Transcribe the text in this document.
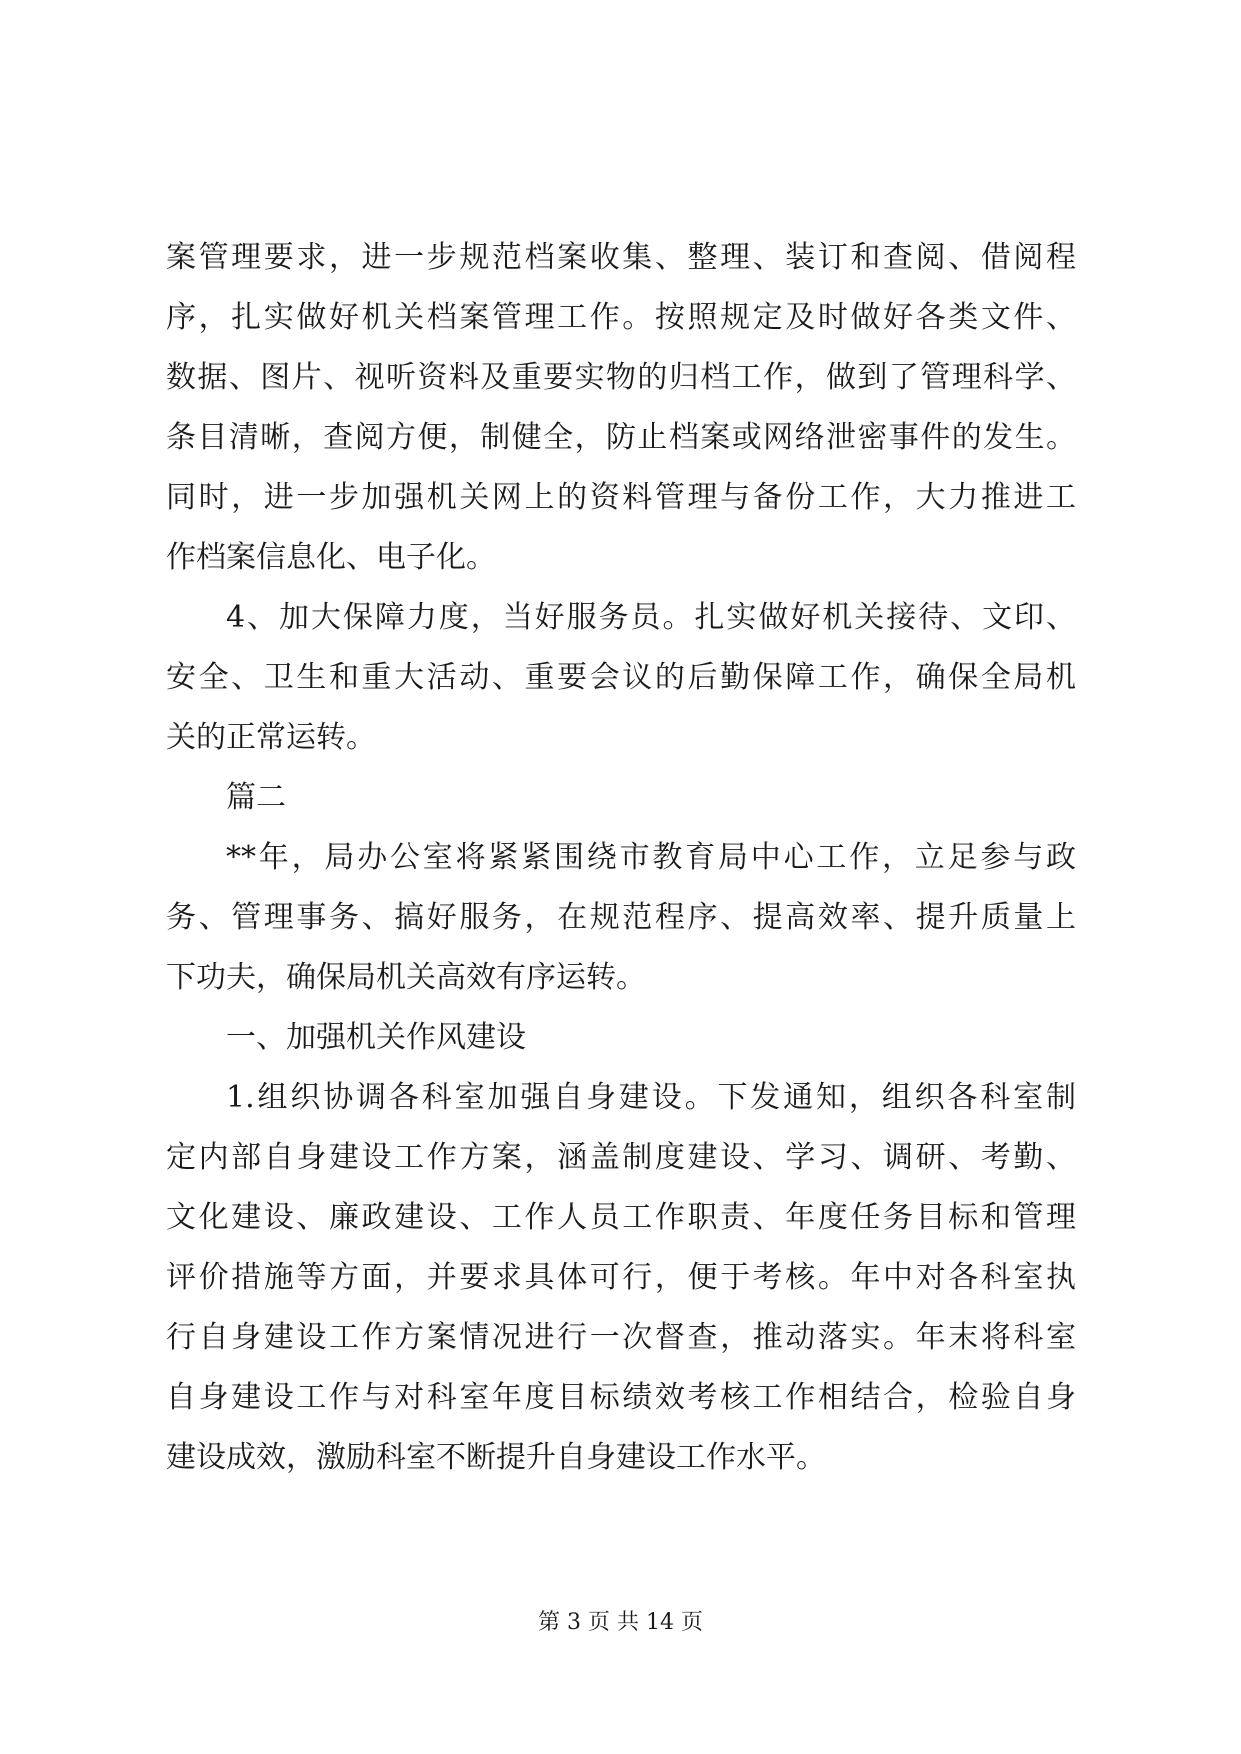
案管理要求，进一步规范档案收集、整理、装订和查阅、借阅程
序，扎实做好机关档案管理工作。按照规定及时做好各类文件、
数据、图片、视听资料及重要实物的归档工作，做到了管理科学、
条目清晰，查阅方便，制健全，防止档案或网络泄密事件的发生。
同时，进一步加强机关网上的资料管理与备份工作，大力推进工
作档案信息化、电子化。
4、加大保障力度，当好服务员。扎实做好机关接待、文印、
安全、卫生和重大活动、重要会议的后勤保障工作，确保全局机
关的正常运转。
篇二
**年，局办公室将紧紧围绕市教育局中心工作，立足参与政
务、管理事务、搞好服务，在规范程序、提高效率、提升质量上
下功夫，确保局机关高效有序运转。
一、加强机关作风建设
1.组织协调各科室加强自身建设。下发通知，组织各科室制
定内部自身建设工作方案，涵盖制度建设、学习、调研、考勤、
文化建设、廉政建设、工作人员工作职责、年度任务目标和管理
评价措施等方面，并要求具体可行，便于考核。年中对各科室执
行自身建设工作方案情况进行一次督查，推动落实。年末将科室
自身建设工作与对科室年度目标绩效考核工作相结合，检验自身
建设成效，激励科室不断提升自身建设工作水平。
第 3 页 共 14 页
